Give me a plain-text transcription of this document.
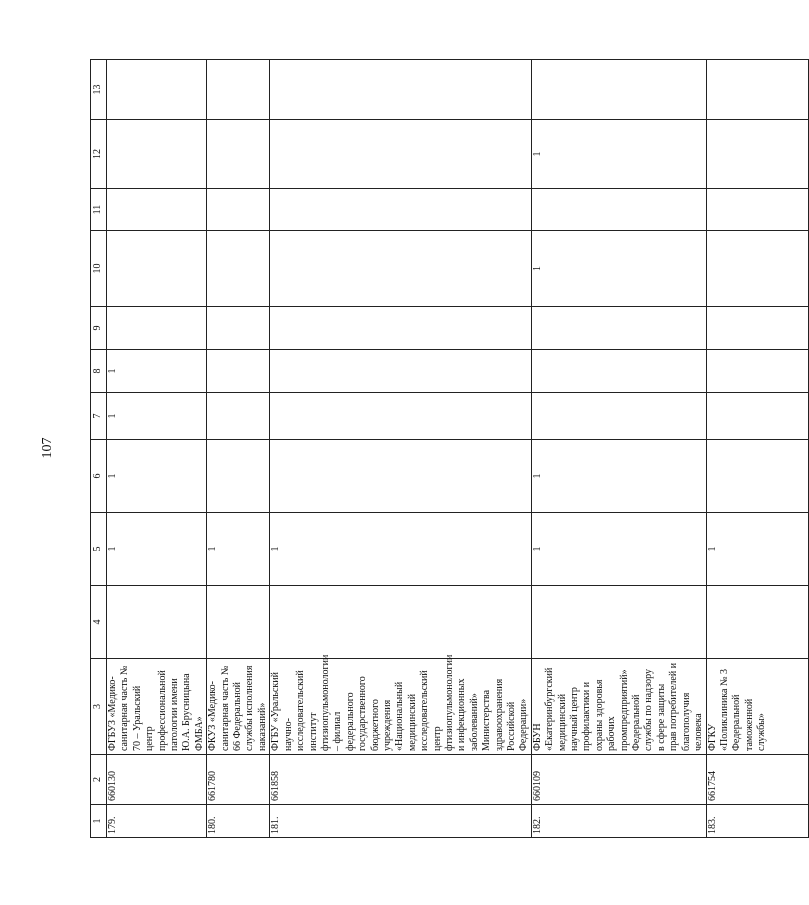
107
1	2	3	4	5	6	7	8	9	10	11	12	13
179.	660130	ФГБУЗ «Медико-санитарная часть № 70 – Уральский центр профессиональной патологии имени Ю.А. Брусницына ФМБА»		1	1	1	1					
180.	661780	ФКУЗ «Медико-санитарная часть № 66 Федеральной службы исполнения наказаний»		1								
181.	661858	ФГБУ «Уральский научно-исследовательский институт фтизиопульмонологии – филиал федерального государственного бюджетного учреждения «Национальный медицинский исследовательский центр фтизиопульмонологии и инфекционных заболеваний» Министерства здравоохранения Российской Федерации»		1								
182.	660109	ФБУН «Екатеринбургский медицинский научный центр профилактики и охраны здоровья рабочих промпредприятий» Федеральной службы по надзору в сфере защиты прав потребителей и благополучия человека		1	1				1		1	
183.	661754	ФГКУ «Поликлиника № 3 Федеральной таможенной службы»		1								
